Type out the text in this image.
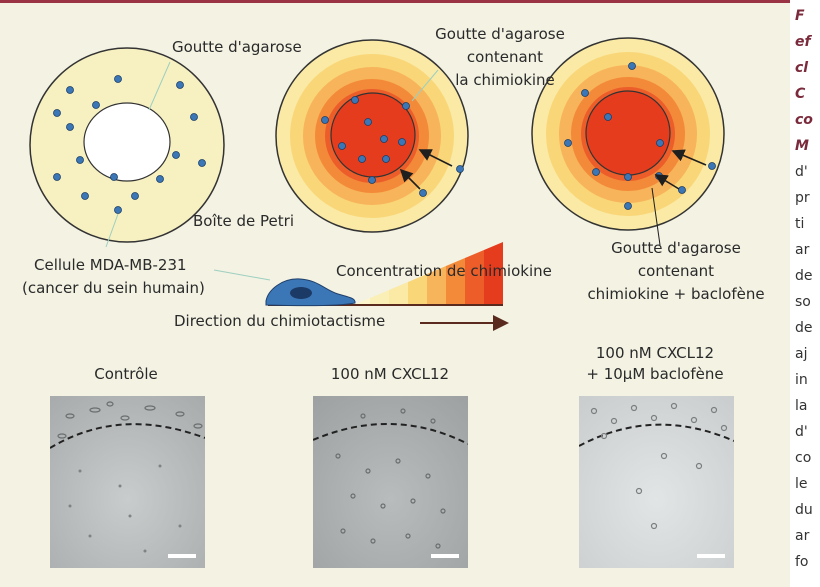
Goutte d'agarose
Goutte d'agarose
contenant
la chimiokine
Boîte de Petri
Cellule MDA-MB-231
(cancer du sein humain)
Concentration de chimiokine
Direction du chimiotactisme
Goutte d'agarose
contenant
chimiokine + baclofène
Contrôle	100 nM CXCL12
100 nM CXCL12
+ 10μM baclofène
F
ef
cl
C
co
M
d'
pr
ti
ar
de
so
de
aj
in
la
d'
co
le
du
ar
fo
